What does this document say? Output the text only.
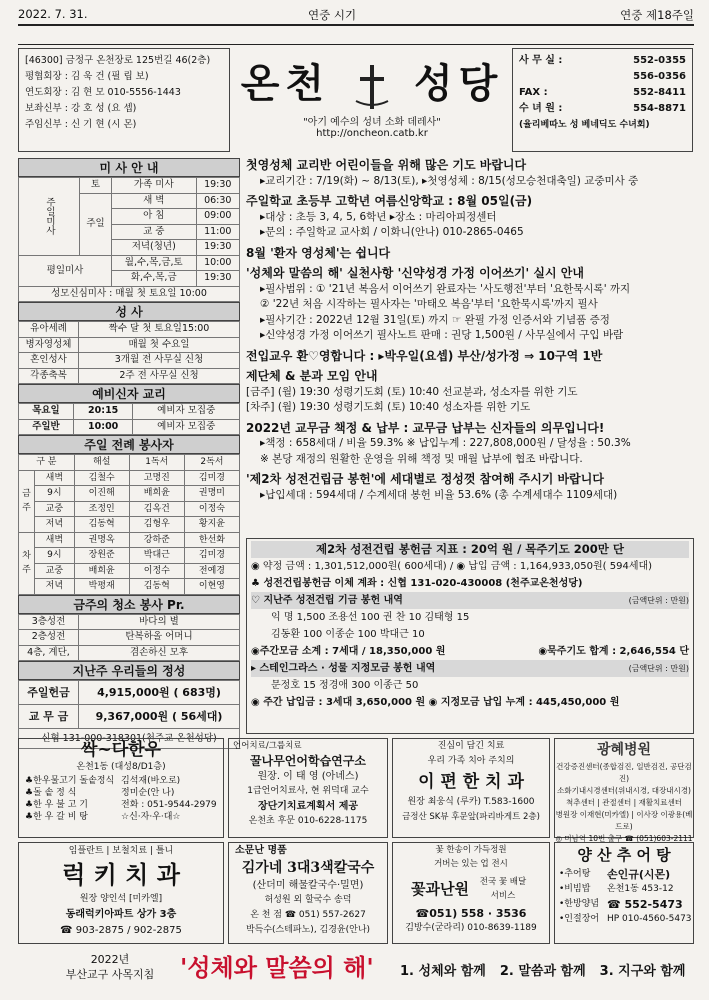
2022. 7. 31.	연중 시기	연중 제18주일
[46300] 금정구 온천장로 125번길 46(2층)
평협회장 : 김 욱 건 (필 립 보)
연도회장 : 김 현 모 010-5556-1443
보좌신부 : 강 호 성 (요 셉)
주임신부 : 신 기 현 (시 몬)
온천 성당
"아기 예수의 성녀 소화 데레사"
http://oncheon.catb.kr
사 무 실 :	552-0355
556-0356
FAX :	552-8411
수 녀 원 :	554-8871
(율리베따노 성 베네딕도 수녀회)
미 사 안 내
주일미사	토	가족 미사	19:30
	주일	새 벽	06:30
		아 침	09:00
		교 중	11:00
		저녁(청년)	19:30
평일미사		월,수,목,금,토	10:00
		화,수,목,금	19:30
성모신심미사 : 매월 첫 토요일 10:00			
성 사
유아세례	짝수 달 첫 토요일15:00
병자영성체	매월 첫 수요일
혼인성사	3개월 전 사무실 신청
각종축복	2주 전 사무실 신청
예비신자 교리
목요일	20:15	예비자 모집중
주일반	10:00	예비자 모집중
주일 전례 봉사자
구 분		해설	1독서	2독서
금주	새벽	김철수	고명진	김미경
	9시	이진해	배희윤	권명미
	교중	조정인	김옥건	이정숙
	저녁	김동혁	김형우	황지윤
차주	새벽	권명옥	강하준	한선화
	9시	장원준	박대근	김미경
	교중	배희윤	이정수	전예경
	저녁	박평재	김동혁	이현영
금주의 청소 봉사 Pr.
3층성전	바다의 별
2층성전	탄복하올 어머니
4층, 계단,	겸손하신 모후
지난주 우리들의 정성
주일헌금	4,915,000원 ( 683명)
교 무 금	9,367,000원 ( 56세대)
신협 131-000-318301(천주교 온천성당)	
첫영성체 교리반 어린이들을 위해 많은 기도 바랍니다
▸교리기간 : 7/19(화) ~ 8/13(토), ▸첫영성체 : 8/15(성모승천대축일) 교중미사 중
주일학교 초등부 고학년 여름신앙학교 : 8월 05일(금)
▸대상 : 초등 3, 4, 5, 6학년 ▸장소 : 마리아피정센터
▸문의 : 주일학교 교사회 / 이화니(안나) 010-2865-0465
8월 '환자 영성체'는 쉽니다
'성체와 말씀의 해' 실천사항 '신약성경 가정 이어쓰기' 실시 안내
▸필사범위 : ① '21년 복음서 이어쓰기 완료자는 '사도행전'부터 '요한묵시록' 까지
② '22년 처음 시작하는 필사자는 '마태오 복음'부터 '요한묵시록'까지 필사
▸필사기간 : 2022년 12월 31일(토) 까지 ☞ 완필 가정 인증서와 기념품 증정
▸신약성경 가정 이어쓰기 필사노트 판매 : 권당 1,500원 / 사무실에서 구입 바람
전입교우 환♡영합니다 : ▸박우일(요셉) 부산/성가정 ⇒ 10구역 1반
제단체 & 분과 모임 안내
[금주] (월) 19:30 성령기도회 (토) 10:40 선교분과, 성소자를 위한 기도
[차주] (월) 19:30 성령기도회 (토) 10:40 성소자를 위한 기도
2022년 교무금 책정 & 납부 : 교무금 납부는 신자들의 의무입니다!
▸책정 : 658세대 / 비율 59.3% ※ 납입누계 : 227,808,000원 / 달성율 : 50.3%
※ 본당 재정의 원활한 운영을 위해 책정 및 매월 납부에 협조 바랍니다.
'제2차 성전건립금 봉헌'에 세대별로 정성껏 참여해 주시기 바랍니다
▸납입세대 : 594세대 / 수계세대 봉헌 비율 53.6% (총 수계세대수 1109세대)
제2차 성전건립 봉헌금 지표 : 20억 원 / 목주기도 200만 단
◉ 약정 금액 : 1,301,512,000원( 600세대) / ◉ 납입 금액 : 1,164,933,050원( 594세대)
♣ 성전건립봉헌금 이체 계좌 : 신협 131-020-430008 (천주교온천성당)
♡ 지난주 성전건립 기금 봉헌 내역	(금액단위 : 만원)
익 명 1,500 조용선 100 권 찬 10 김태형 15
김동환 100 이종순 100 박대근 10
◉주간모금 소계 : 7세대 / 18,350,000 원	◉묵주기도 합계 : 2,646,554 단
▸ 스테인그라스 · 성물 지정모금 봉헌 내역	(금액단위 : 만원)
문정호 15 정경애 300 이종근 50
◉ 주간 납입금 : 3세대 3,650,000 원 ◉ 지정모금 납입 누계 : 445,450,000 원
싹~다한우
온천1동 (대성8/D1층)
♣한우물고기 돌솥정식
♣돌 솥 정 식
♣한 우 불 고 기
♣한 우 갈 비 탕
김석재(바오로)
정미순(안 나)
전화 : 051-9544-2979
☆신·자·우·대☆
언어치료/그룹치료
꿀나무언어학습연구소
원장. 이 태 영 (아녜스)
1급언어치료사, 현 위덕대 교수
장단기치료계획서 제공
온천초 후문 010-6228-1175
진심이 담긴 치료
우리 가족 치아 주치의
이 편 한 치 과
원장 최웅식 (루카) T.583-1600
금정산 SK뷰 후문앞(파리바게트 2층)
광혜병원
건강증진센터(종합검진, 일반검진, 공단검진)
소화기내시경센터(위내시경, 대장내시경)
척추센터 | 관절센터 | 재활치료센터
병원장 이재현(미카엘) | 이사장 이광용(베드로)
◎ 미남역 10번 출구 ☎ (051)603-2111
임플란트 | 보철치료 | 틀니
럭 키 치 과
원장 양인석 [미카엘]
동래럭키아파트 상가 3층
☎ 903-2875 / 902-2875
소문난 명품
김가네 3대3색칼국수
(산더미 해물칼국수·밀면)
허성원 외 할국수 송덕
온 천 점 ☎ 051) 557-2627
박득수(스테파노), 김경윤(안나)
꽃 한송이 가득정원
거버는 있는 업 전시
꽃과난원	전국 꽃 배달 서비스
☎051) 558 · 3536
김방수(굳라리) 010-8639-1189
양 산 추 어 탕
•추어탕
•비빔밥
•한방양념
•인절장어
손인규(시몬)
온천1동 453-12
☎ 552-5473
HP 010-4560-5473
2022년
부산교구 사목지침	'성체와 말씀의 해' 1. 성체와 함께 2. 말씀과 함께 3. 지구와 함께
